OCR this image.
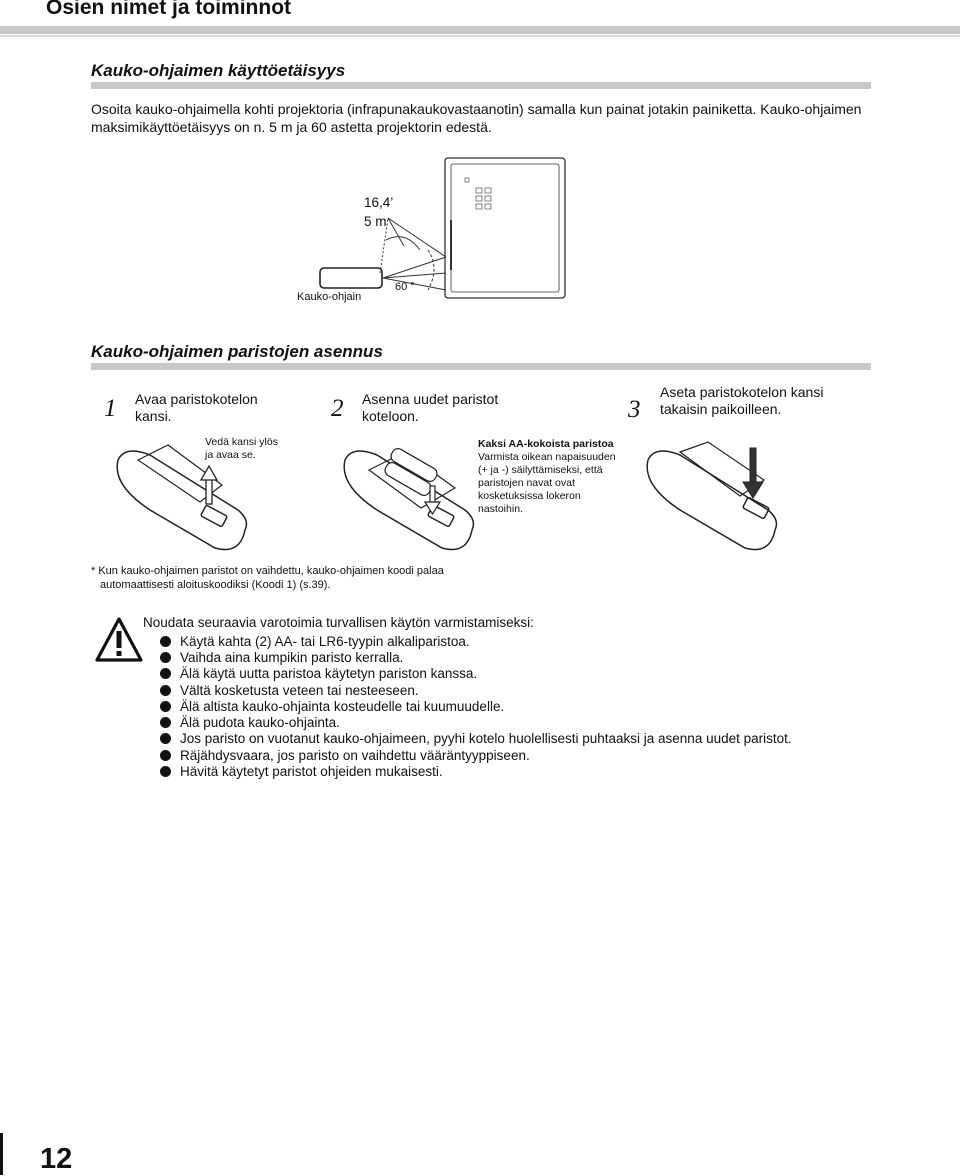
Osien nimet ja toiminnot
Kauko-ohjaimen käyttöetäisyys
Osoita kauko-ohjaimella kohti projektoria (infrapunakaukovastaanotin) samalla kun painat jotakin painiketta. Kauko-ohjaimen
maksimikäyttöetäisyys on n. 5 m ja 60 astetta projektorin edestä.
16,4’
5 m
60 °
Kauko-ohjain
Kauko-ohjaimen paristojen asennus
1 Avaa paristokotelon
kansi.	2 Asenna uudet paristot
koteloon.	3
Aseta paristokotelon kansi
takaisin paikoilleen.
Vedä kansi ylös
ja avaa se.
Kaksi AA-kokoista paristoa
Varmista oikean napaisuuden
(+ ja -) säilyttämiseksi, että
paristojen navat ovat
kosketuksissa lokeron
nastoihin.
* Kun kauko-ohjaimen paristot on vaihdettu, kauko-ohjaimen koodi palaa
automaattisesti aloituskoodiksi (Koodi 1) (s.39).
Noudata seuraavia varotoimia turvallisen käytön varmistamiseksi:
Käytä kahta (2) AA- tai LR6-tyypin alkaliparistoa.
Vaihda aina kumpikin paristo kerralla.
Älä käytä uutta paristoa käytetyn pariston kanssa.
Vältä kosketusta veteen tai nesteeseen.
Älä altista kauko-ohjainta kosteudelle tai kuumuudelle.
Älä pudota kauko-ohjainta.
Jos paristo on vuotanut kauko-ohjaimeen, pyyhi kotelo huolellisesti puhtaaksi ja asenna uudet paristot.
Räjähdysvaara, jos paristo on vaihdettu vääräntyyppiseen.
Hävitä käytetyt paristot ohjeiden mukaisesti.
12
